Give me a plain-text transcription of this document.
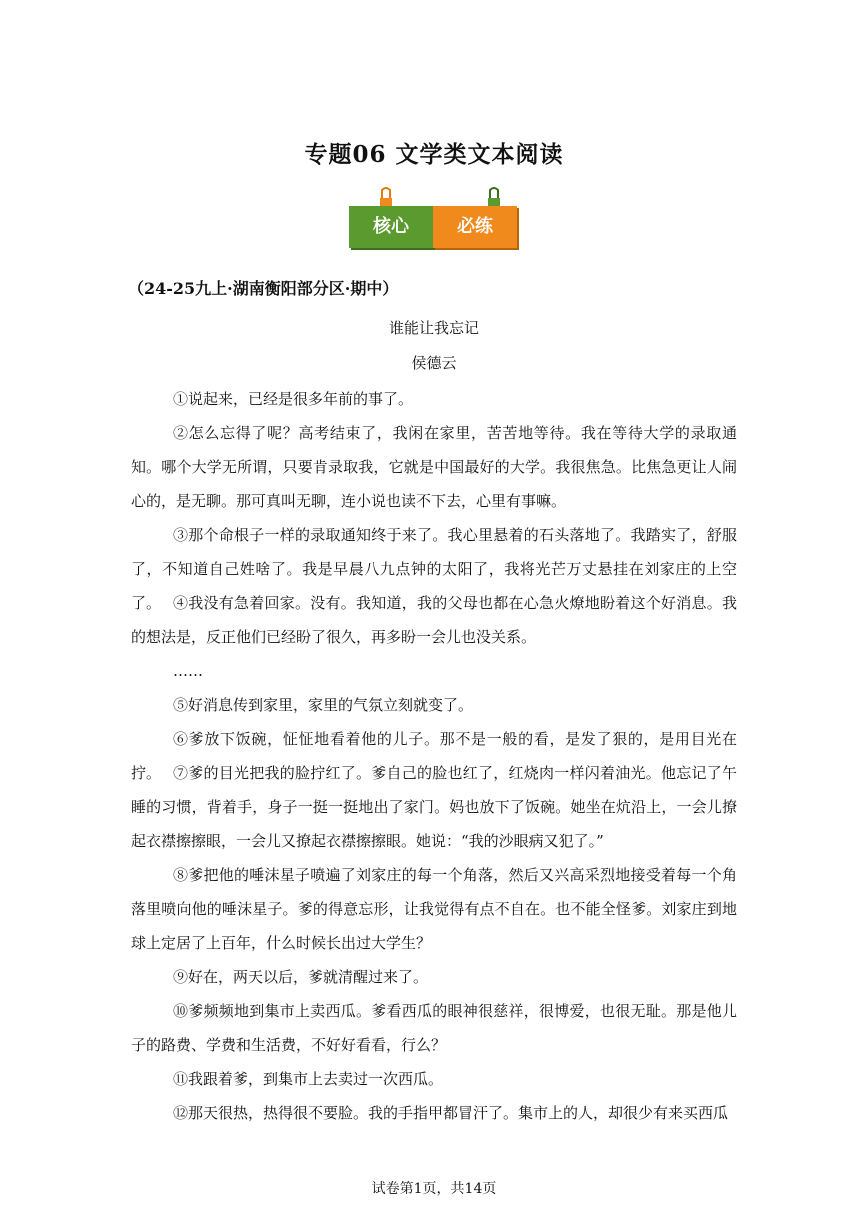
专题06 文学类文本阅读
核心	必练
（24-25九上·湖南衡阳部分区·期中）
谁能让我忘记
侯德云

①说起来，已经是很多年前的事了。

②怎么忘得了呢？高考结束了，我闲在家里，苦苦地等待。我在等待大学的录取通知。哪个大学无所谓，只要肯录取我，它就是中国最好的大学。我很焦急。比焦急更让人闹心的，是无聊。那可真叫无聊，连小说也读不下去，心里有事嘛。

③那个命根子一样的录取通知终于来了。我心里悬着的石头落地了。我踏实了，舒服了，不知道自己姓啥了。我是早晨八九点钟的太阳了，我将光芒万丈悬挂在刘家庄的上空了。 ④我没有急着回家。没有。我知道，我的父母也都在心急火燎地盼着这个好消息。我的想法是，反正他们已经盼了很久，再多盼一会儿也没关系。

……

⑤好消息传到家里，家里的气氛立刻就变了。

⑥爹放下饭碗，怔怔地看着他的儿子。那不是一般的看，是发了狠的，是用目光在拧。 ⑦爹的目光把我的脸拧红了。爹自己的脸也红了，红烧肉一样闪着油光。他忘记了午睡的习惯，背着手，身子一挺一挺地出了家门。妈也放下了饭碗。她坐在炕沿上，一会儿撩起衣襟擦擦眼，一会儿又撩起衣襟擦擦眼。她说：“我的沙眼病又犯了。”

⑧爹把他的唾沫星子喷遍了刘家庄的每一个角落，然后又兴高采烈地接受着每一个角落里喷向他的唾沫星子。爹的得意忘形，让我觉得有点不自在。也不能全怪爹。刘家庄到地球上定居了上百年，什么时候长出过大学生？

⑨好在，两天以后，爹就清醒过来了。

⑩爹频频地到集市上卖西瓜。爹看西瓜的眼神很慈祥，很博爱，也很无耻。那是他儿子的路费、学费和生活费，不好好看看，行么？

⑪我跟着爹，到集市上去卖过一次西瓜。

⑫那天很热，热得很不要脸。我的手指甲都冒汗了。集市上的人，却很少有来买西瓜

试卷第1页，共14页
